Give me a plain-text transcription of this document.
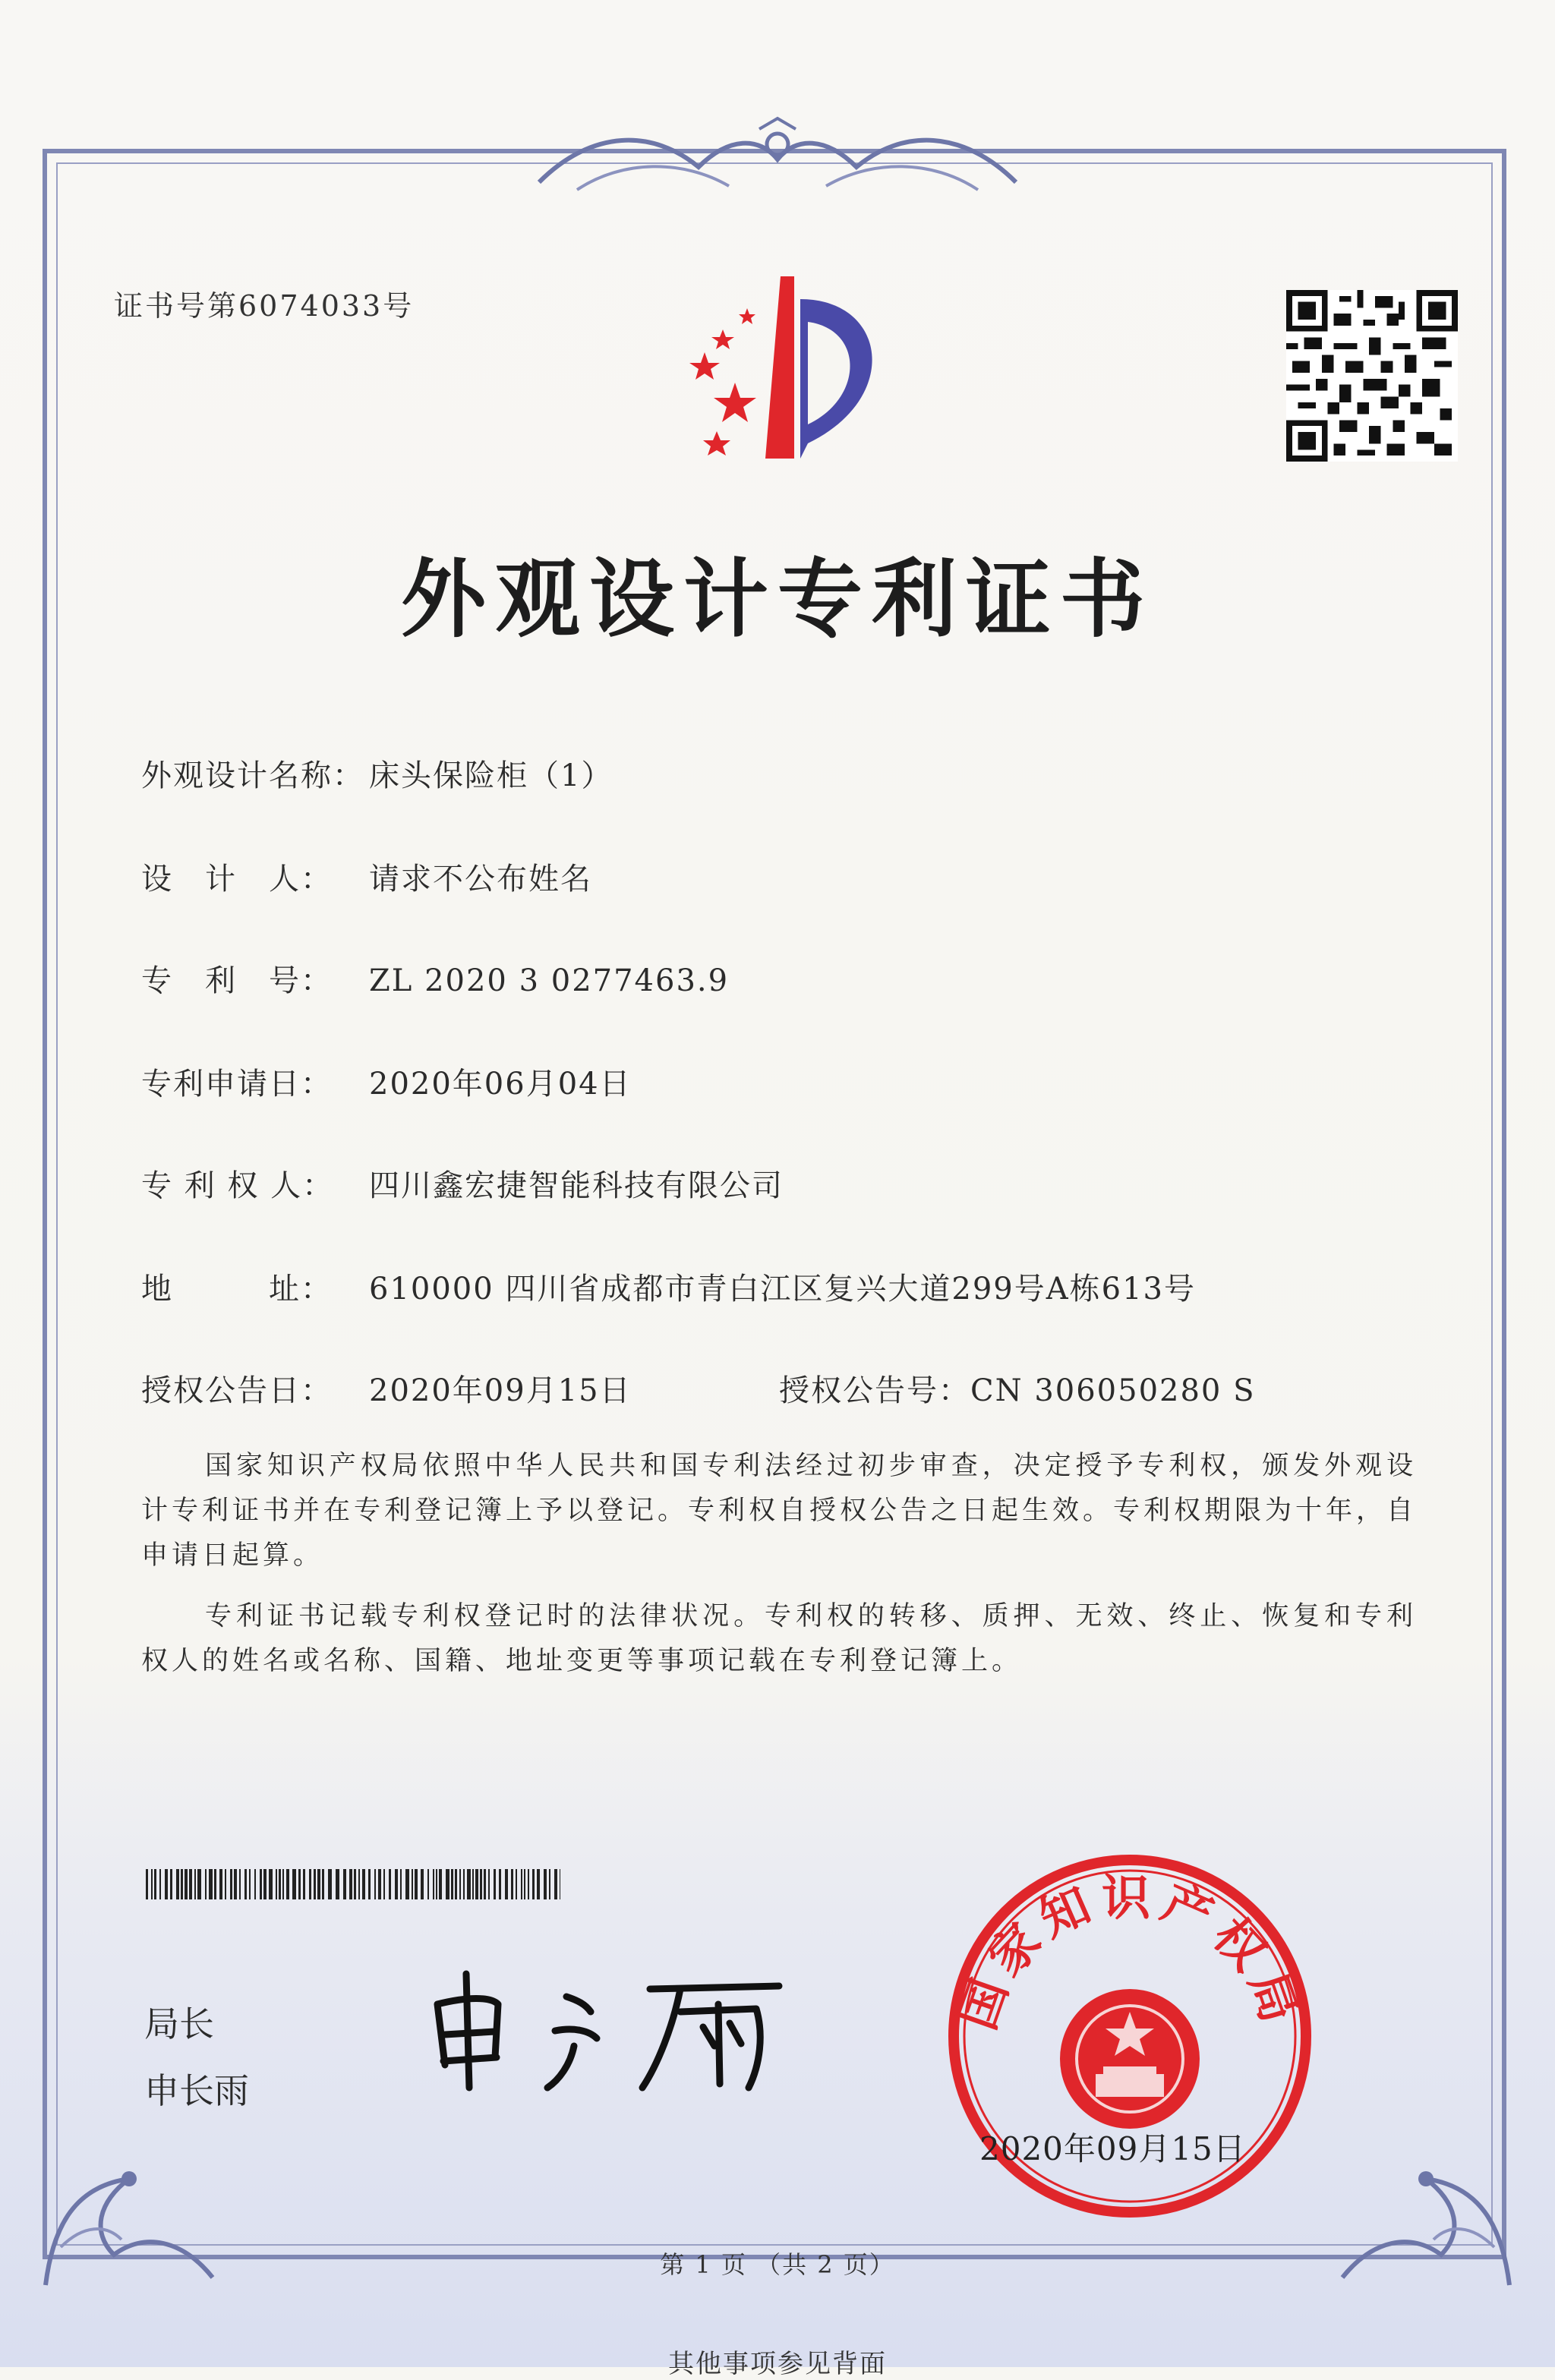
证书号第6074033号
外观设计专利证书
外观设计名称： 床头保险柜（1）
设　计　人： 请求不公布姓名
专　利　号： ZL 2020 3 0277463.9
专利申请日： 2020年06月04日
专 利 权 人： 四川鑫宏捷智能科技有限公司
地　　　址： 610000 四川省成都市青白江区复兴大道299号A栋613号
授权公告日： 2020年09月15日	授权公告号：CN 306050280 S
国家知识产权局依照中华人民共和国专利法经过初步审查，决定授予专利权，颁发外观设计专利证书并在专利登记簿上予以登记。专利权自授权公告之日起生效。专利权期限为十年，自申请日起算。
专利证书记载专利权登记时的法律状况。专利权的转移、质押、无效、终止、恢复和专利权人的姓名或名称、国籍、地址变更等事项记载在专利登记簿上。
局长
申长雨
国家知识产权局
2020年09月15日
第 1 页 （共 2 页）
其他事项参见背面
